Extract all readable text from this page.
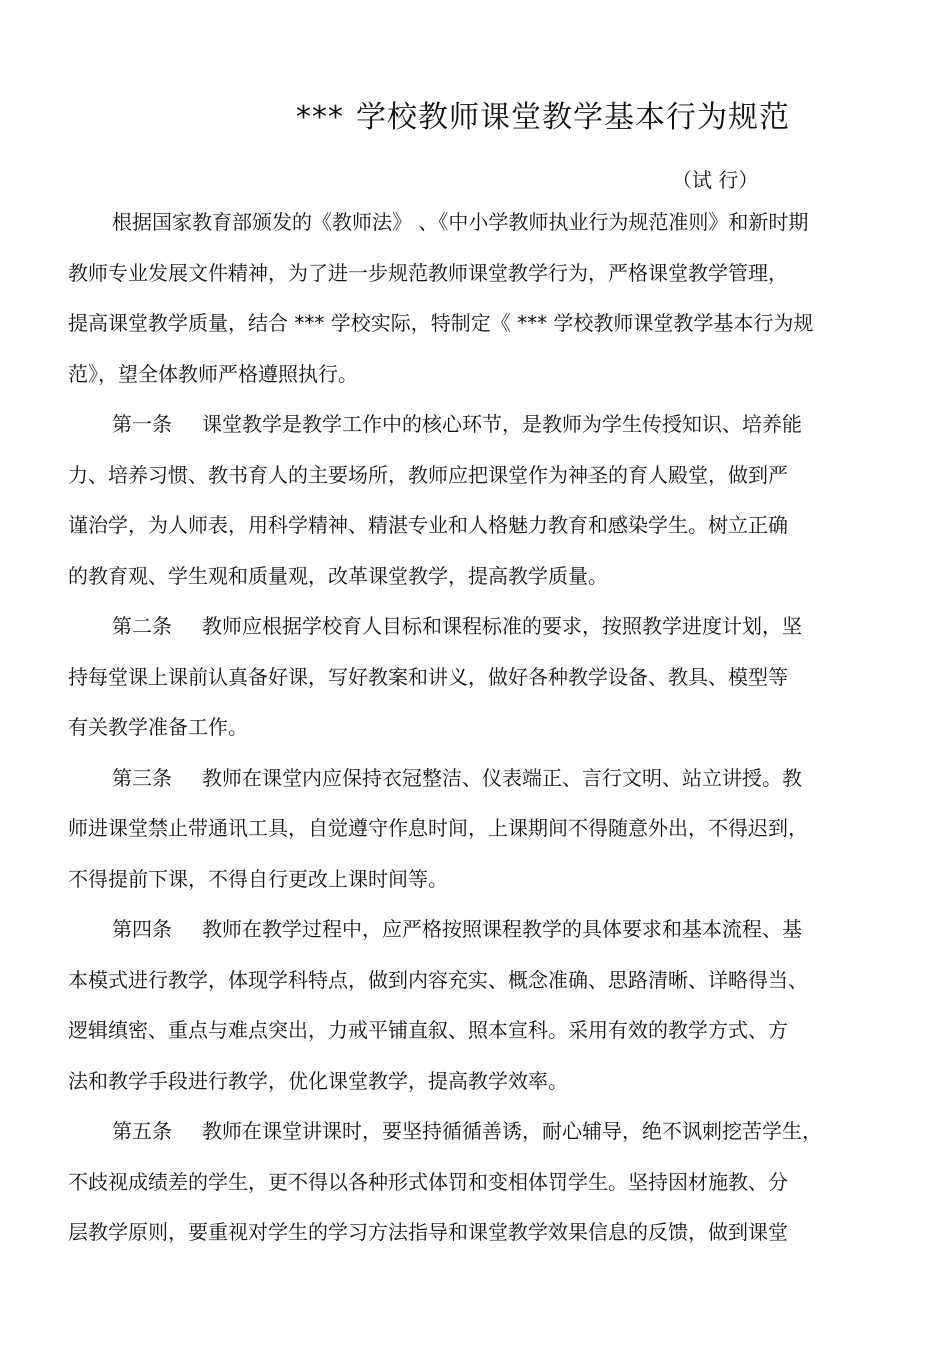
*** 学校教师课堂教学基本行为规范
（试 行）
根据国家教育部颁发的《教师法》 、《中小学教师执业行为规范准则》和新时期
教师专业发展文件精神，为了进一步规范教师课堂教学行为，严格课堂教学管理，
提高课堂教学质量，结合 *** 学校实际，特制定《 *** 学校教师课堂教学基本行为规
范》，望全体教师严格遵照执行。
第一条 课堂教学是教学工作中的核心环节，是教师为学生传授知识、培养能
力、培养习惯、教书育人的主要场所，教师应把课堂作为神圣的育人殿堂，做到严
谨治学，为人师表，用科学精神、精湛专业和人格魅力教育和感染学生。树立正确
的教育观、学生观和质量观，改革课堂教学，提高教学质量。
第二条 教师应根据学校育人目标和课程标准的要求，按照教学进度计划，坚
持每堂课上课前认真备好课，写好教案和讲义，做好各种教学设备、教具、模型等
有关教学准备工作。
第三条 教师在课堂内应保持衣冠整洁、仪表端正、言行文明、站立讲授。教
师进课堂禁止带通讯工具，自觉遵守作息时间，上课期间不得随意外出，不得迟到，
不得提前下课，不得自行更改上课时间等。
第四条 教师在教学过程中，应严格按照课程教学的具体要求和基本流程、基
本模式进行教学，体现学科特点，做到内容充实、概念准确、思路清晰、详略得当、
逻辑缜密、重点与难点突出，力戒平铺直叙、照本宣科。采用有效的教学方式、方
法和教学手段进行教学，优化课堂教学，提高教学效率。
第五条 教师在课堂讲课时，要坚持循循善诱，耐心辅导，绝不讽刺挖苦学生，
不歧视成绩差的学生，更不得以各种形式体罚和变相体罚学生。坚持因材施教、分
层教学原则，要重视对学生的学习方法指导和课堂教学效果信息的反馈，做到课堂
